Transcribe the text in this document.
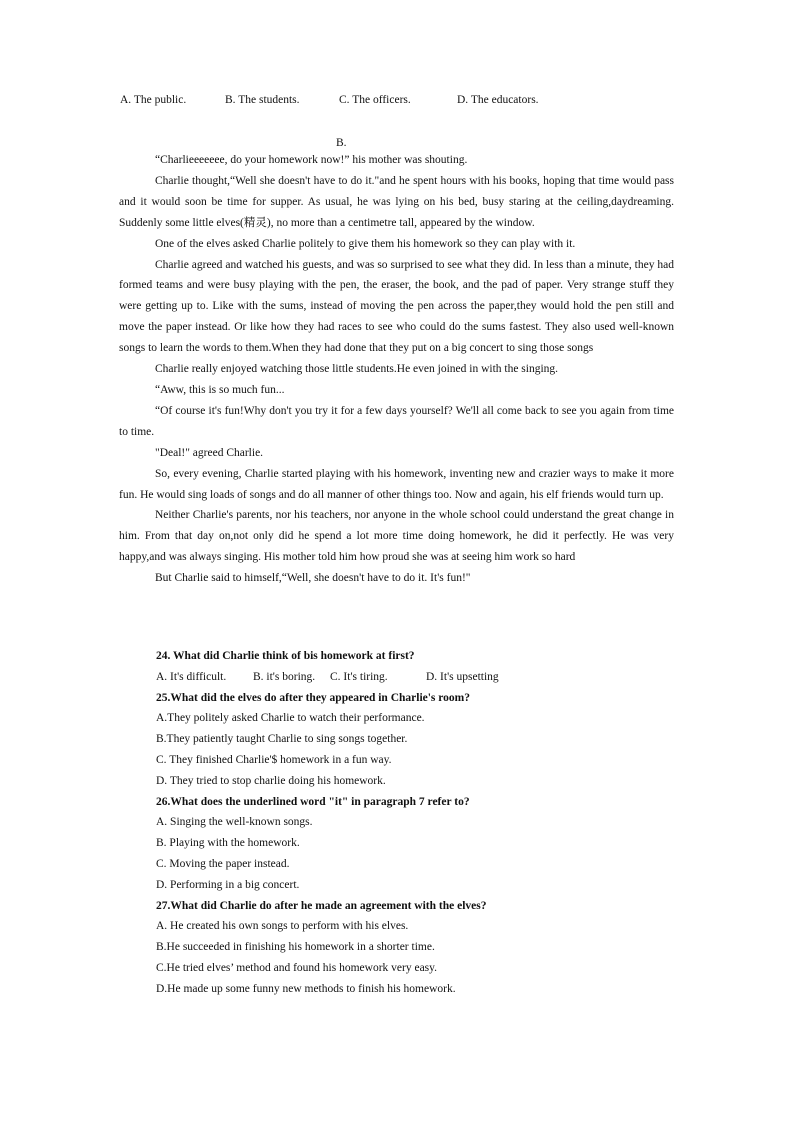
A. The public.	B. The students.	C. The officers.	D. The educators.
B.

“Charlieeeeeee, do your homework now!” his mother was shouting.

Charlie thought,“Well she doesn't have to do it."and he spent hours with his books, hoping that time would pass and it would soon be time for supper. As usual, he was lying on his bed, busy staring at the ceiling,daydreaming. Suddenly some little elves(精灵), no more than a centimetre tall, appeared by the window.

One of the elves asked Charlie politely to give them his homework so they can play with it.

Charlie agreed and watched his guests, and was so surprised to see what they did. In less than a minute, they had formed teams and were busy playing with the pen, the eraser, the book, and the pad of paper. Very strange stuff they were getting up to. Like with the sums, instead of moving the pen across the paper,they would hold the pen still and move the paper instead. Or like how they had races to see who could do the sums fastest. They also used well-known songs to learn the words to them.When they had done that they put on a big concert to sing those songs

Charlie really enjoyed watching those little students.He even joined in with the singing.

“Aww, this is so much fun...

“Of course it's fun!Why don't you try it for a few days yourself? We'll all come back to see you again from time to time.

"Deal!" agreed Charlie.

So, every evening, Charlie started playing with his homework, inventing new and crazier ways to make it more fun. He would sing loads of songs and do all manner of other things too. Now and again, his elf friends would turn up.

Neither Charlie's parents, nor his teachers, nor anyone in the whole school could understand the great change in him. From that day on,not only did he spend a lot more time doing homework, he did it perfectly. He was very happy,and was always singing. His mother told him how proud she was at seeing him work so hard

But Charlie said to himself,“Well, she doesn't have to do it. It's fun!"

24. What did Charlie think of bis homework at first?

A. It's difficult. B. it's boring. C. It's tiring.	D. It's upsetting

25.What did the elves do after they appeared in Charlie's room?

A.They politely asked Charlie to watch their performance.

B.They patiently taught Charlie to sing songs together.

C. They finished Charlie'$ homework in a fun way.

D. They tried to stop charlie doing his homework.

26.What does the underlined word "it" in paragraph 7 refer to?

A. Singing the well-known songs.

B. Playing with the homework.

C. Moving the paper instead.

D. Performing in a big concert.

27.What did Charlie do after he made an agreement with the elves?

A. He created his own songs to perform with his elves.

B.He succeeded in finishing his homework in a shorter time.

C.He tried elves’ method and found his homework very easy.

D.He made up some funny new methods to finish his homework.
